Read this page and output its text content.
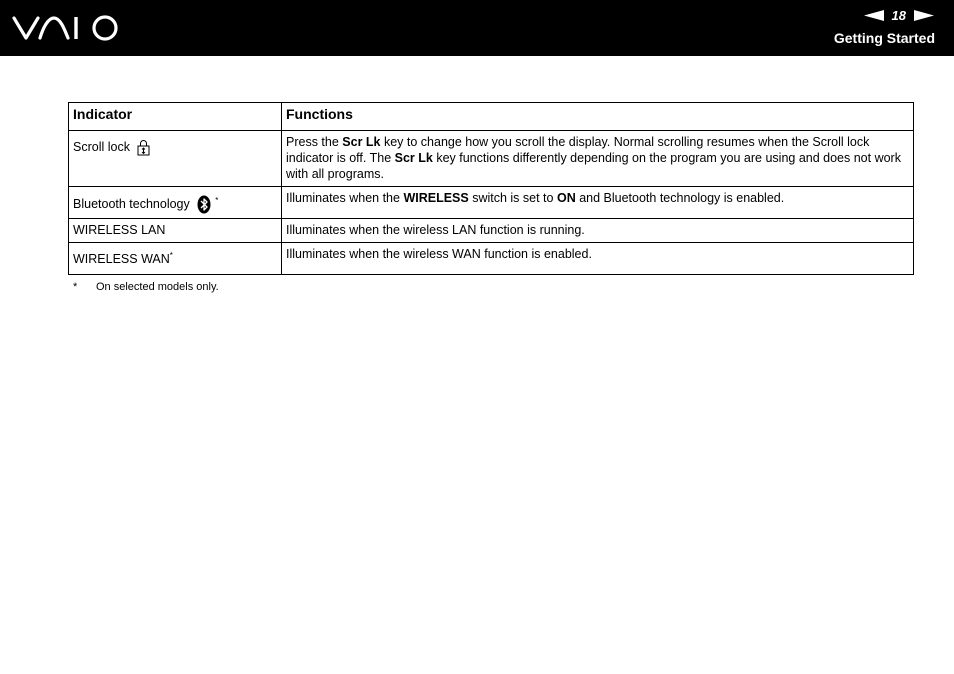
18
Getting Started
Indicator	Functions
Scroll lock	Press the Scr Lk key to change how you scroll the display. Normal scrolling resumes when the Scroll lock indicator is off. The Scr Lk key functions differently depending on the program you are using and does not work with all programs.
Bluetooth technology *	Illuminates when the WIRELESS switch is set to ON and Bluetooth technology is enabled.
WIRELESS LAN	Illuminates when the wireless LAN function is running.
WIRELESS WAN*	Illuminates when the wireless WAN function is enabled.
* On selected models only.
